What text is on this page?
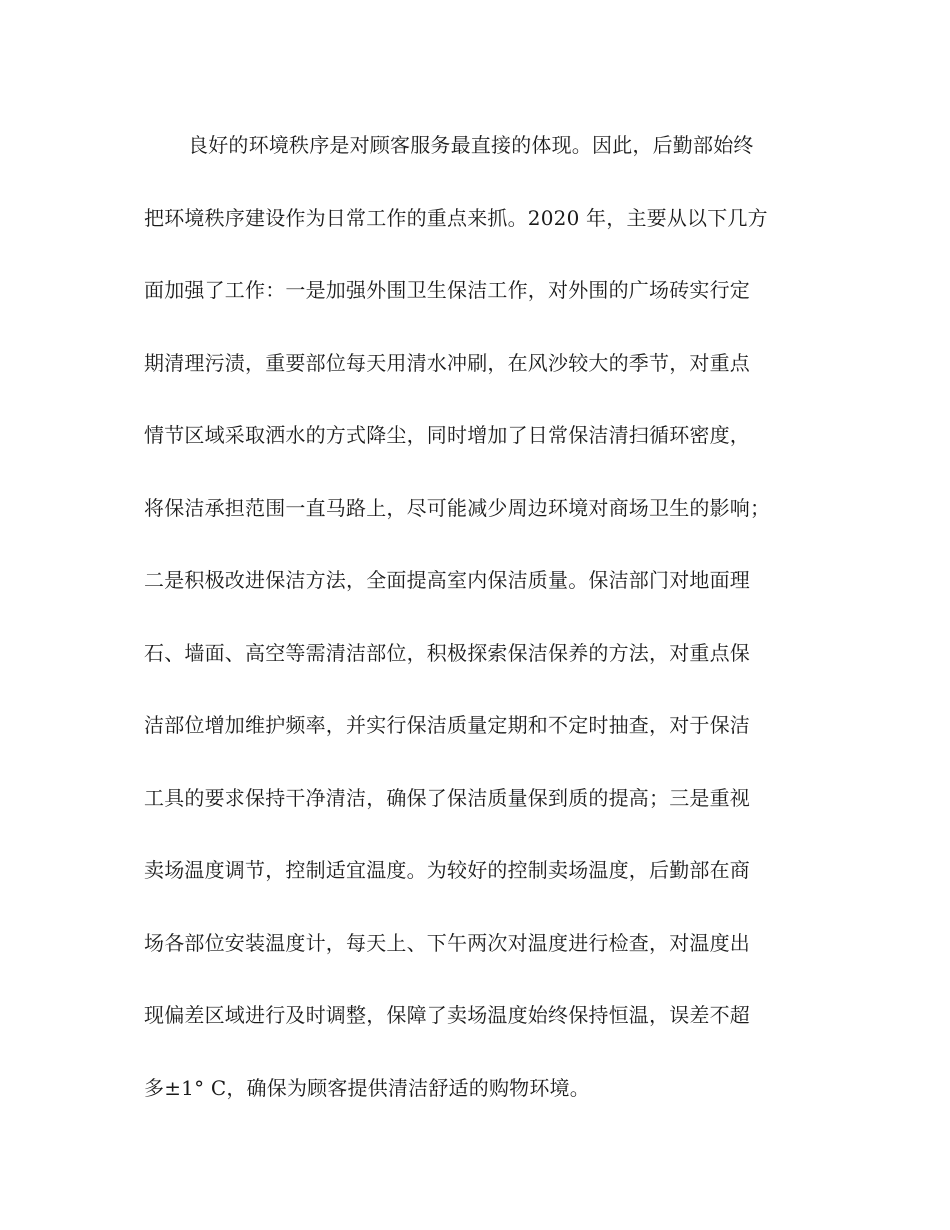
良好的环境秩序是对顾客服务最直接的体现。因此，后勤部始终
把环境秩序建设作为日常工作的重点来抓。2020 年，主要从以下几方
面加强了工作：一是加强外围卫生保洁工作，对外围的广场砖实行定
期清理污渍，重要部位每天用清水冲刷，在风沙较大的季节，对重点
情节区域采取洒水的方式降尘，同时增加了日常保洁清扫循环密度，
将保洁承担范围一直马路上，尽可能减少周边环境对商场卫生的影响；
二是积极改进保洁方法，全面提高室内保洁质量。保洁部门对地面理
石、墙面、高空等需清洁部位，积极探索保洁保养的方法，对重点保
洁部位增加维护频率，并实行保洁质量定期和不定时抽查，对于保洁
工具的要求保持干净清洁，确保了保洁质量保到质的提高；三是重视
卖场温度调节，控制适宜温度。为较好的控制卖场温度，后勤部在商
场各部位安装温度计，每天上、下午两次对温度进行检查，对温度出
现偏差区域进行及时调整，保障了卖场温度始终保持恒温，误差不超
多±1° C，确保为顾客提供清洁舒适的购物环境。
